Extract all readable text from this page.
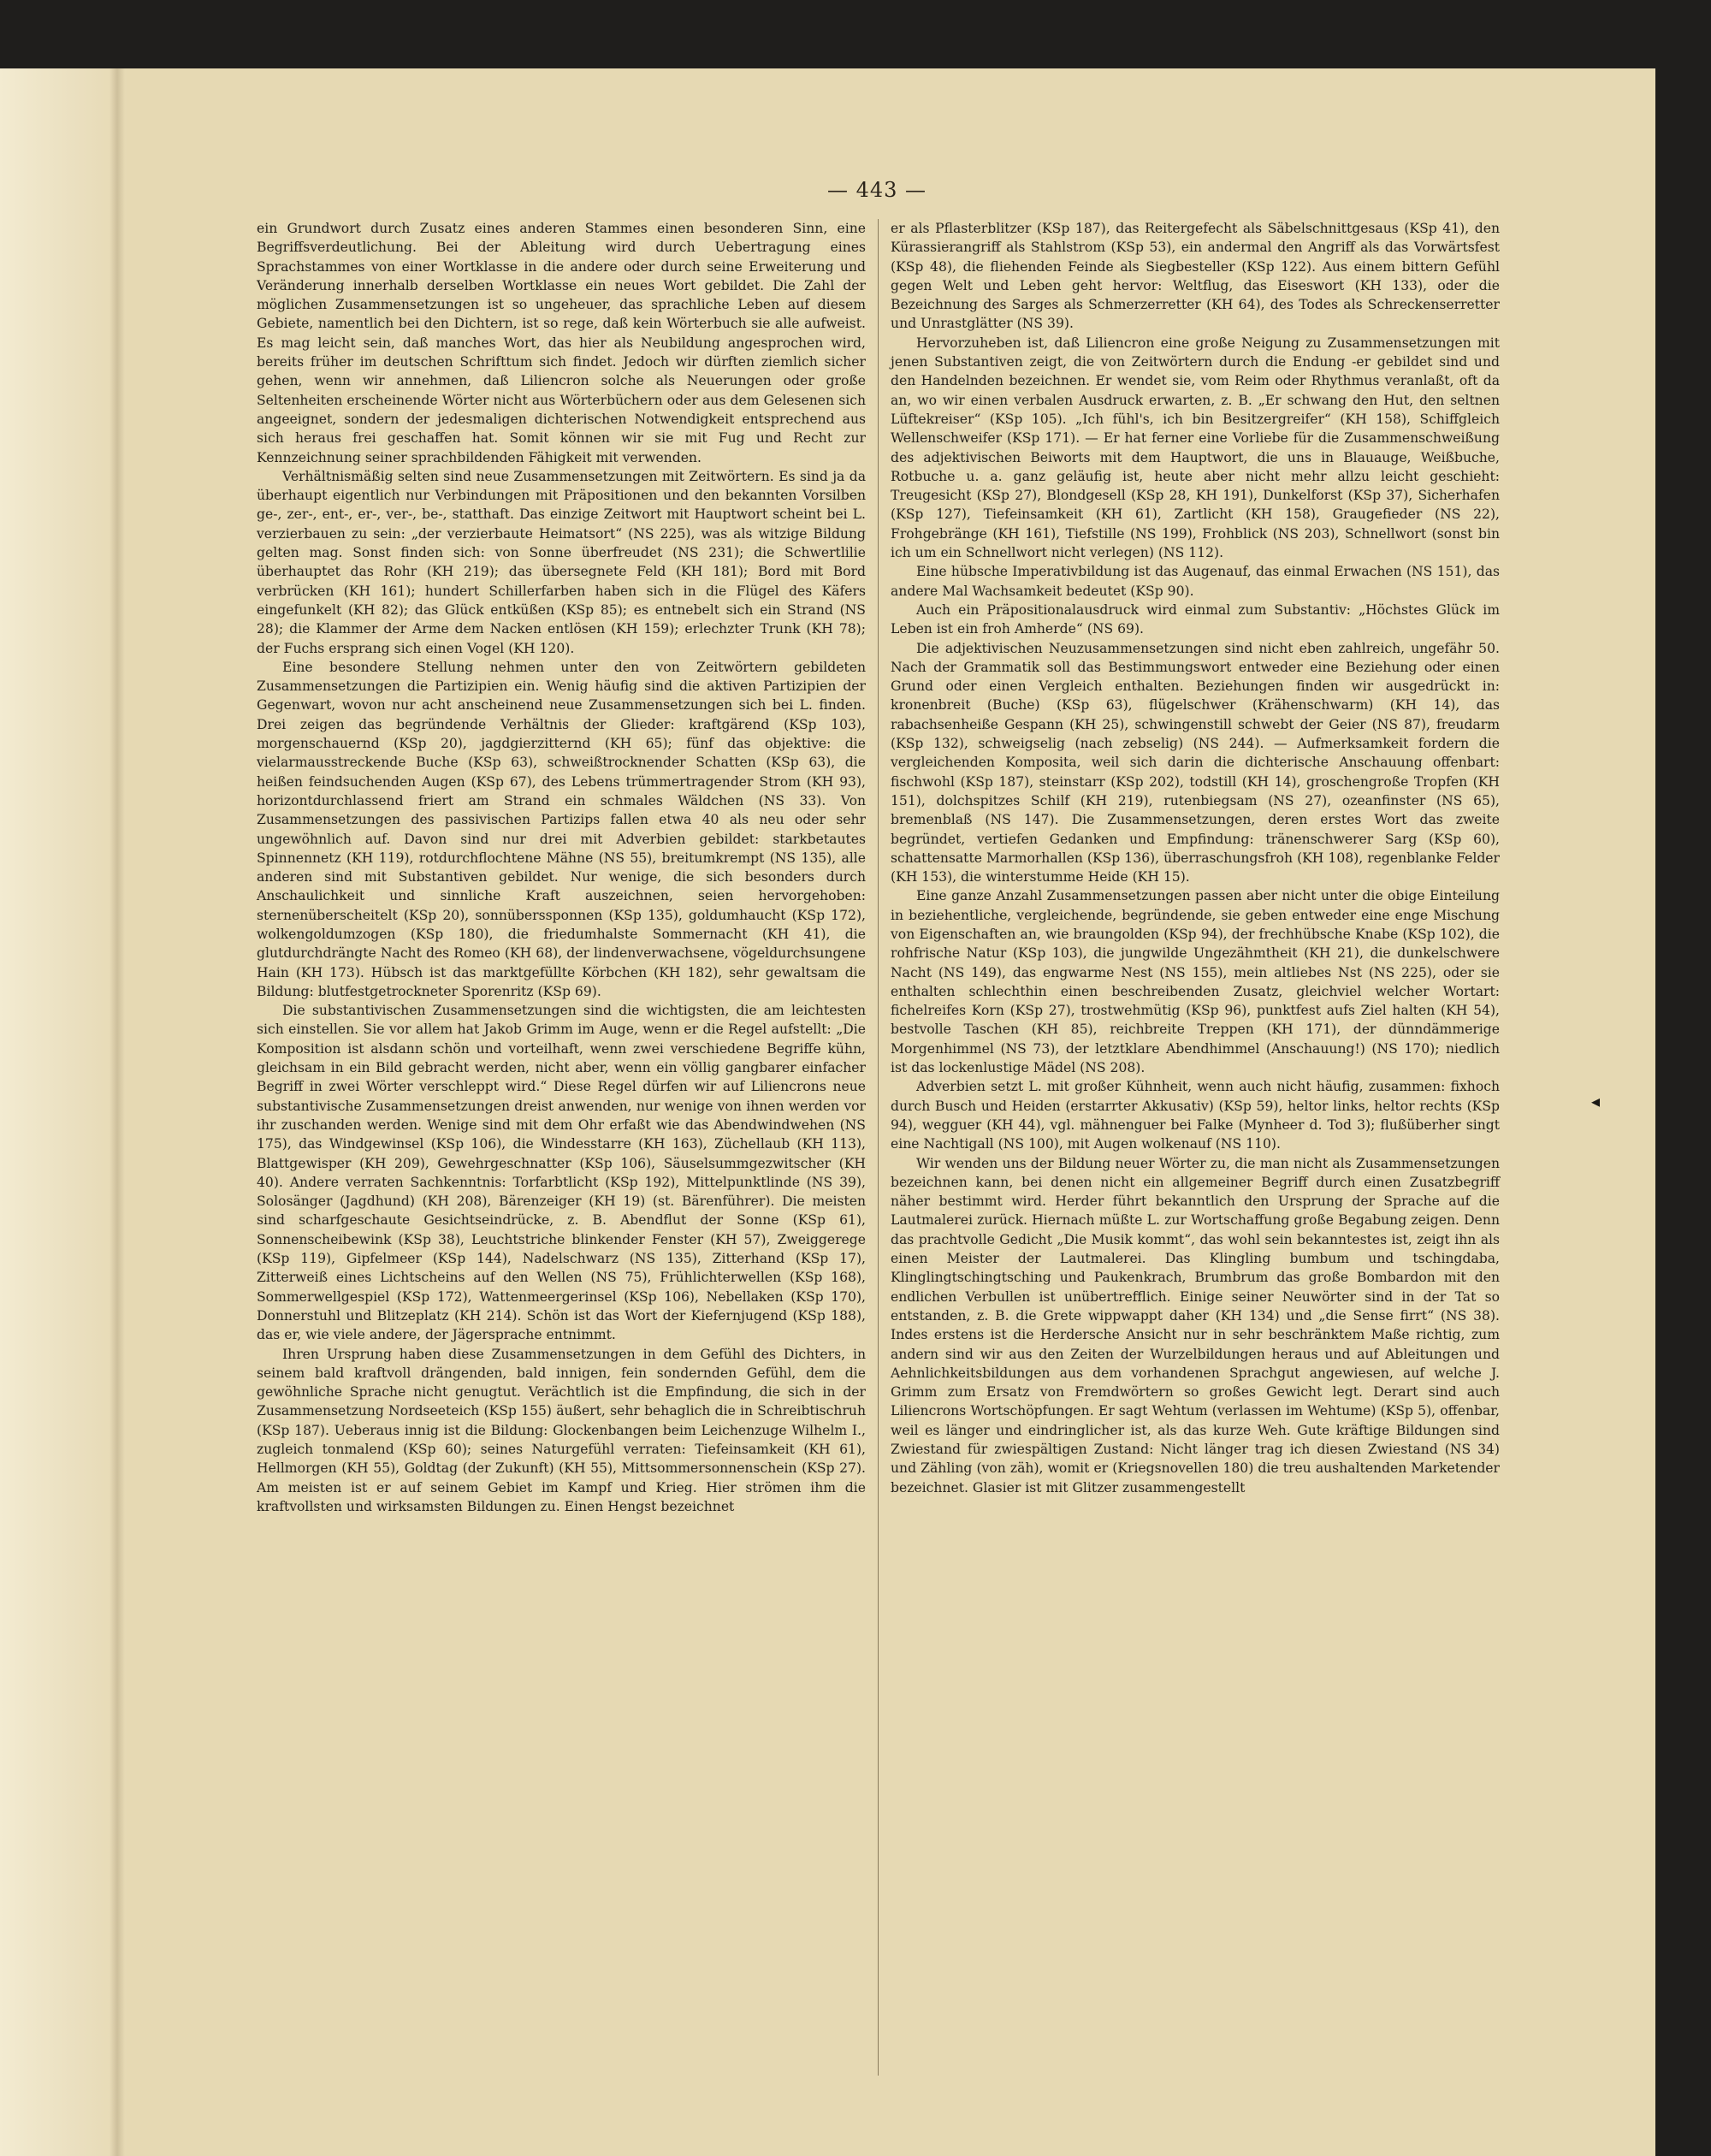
— 443 —

ein Grundwort durch Zusatz eines anderen Stammes einen besonderen Sinn, eine Begriffsverdeutlichung. Bei der Ableitung wird durch Uebertragung eines Sprachstammes von einer Wortklasse in die andere oder durch seine Erweiterung und Veränderung innerhalb derselben Wortklasse ein neues Wort gebildet. Die Zahl der möglichen Zusammensetzungen ist so ungeheuer, das sprachliche Leben auf diesem Gebiete, namentlich bei den Dichtern, ist so rege, daß kein Wörterbuch sie alle aufweist. Es mag leicht sein, daß manches Wort, das hier als Neubildung angesprochen wird, bereits früher im deutschen Schrifttum sich findet. Jedoch wir dürften ziemlich sicher gehen, wenn wir annehmen, daß Liliencron solche als Neuerungen oder große Seltenheiten erscheinende Wörter nicht aus Wörterbüchern oder aus dem Gelesenen sich angeeignet, sondern der jedesmaligen dichterischen Notwendigkeit entsprechend aus sich heraus frei geschaffen hat. Somit können wir sie mit Fug und Recht zur Kennzeichnung seiner sprachbildenden Fähigkeit mit verwenden.

Verhältnismäßig selten sind neue Zusammensetzungen mit Zeitwörtern. Es sind ja da überhaupt eigentlich nur Verbindungen mit Präpositionen und den bekannten Vorsilben ge-, zer-, ent-, er-, ver-, be-, statthaft. Das einzige Zeitwort mit Hauptwort scheint bei L. verzierbauen zu sein: „der verzierbaute Heimatsort“ (NS 225), was als witzige Bildung gelten mag. Sonst finden sich: von Sonne überfreudet (NS 231); die Schwertlilie überhauptet das Rohr (KH 219); das übersegnete Feld (KH 181); Bord mit Bord verbrücken (KH 161); hundert Schillerfarben haben sich in die Flügel des Käfers eingefunkelt (KH 82); das Glück entküßen (KSp 85); es entnebelt sich ein Strand (NS 28); die Klammer der Arme dem Nacken entlösen (KH 159); erlechzter Trunk (KH 78); der Fuchs ersprang sich einen Vogel (KH 120).

Eine besondere Stellung nehmen unter den von Zeitwörtern gebildeten Zusammensetzungen die Partizipien ein. Wenig häufig sind die aktiven Partizipien der Gegenwart, wovon nur acht anscheinend neue Zusammensetzungen sich bei L. finden. Drei zeigen das begründende Verhältnis der Glieder: kraftgärend (KSp 103), morgenschauernd (KSp 20), jagdgierzitternd (KH 65); fünf das objektive: die vielarmausstreckende Buche (KSp 63), schweißtrocknender Schatten (KSp 63), die heißen feindsuchenden Augen (KSp 67), des Lebens trümmertragender Strom (KH 93), horizontdurchlassend friert am Strand ein schmales Wäldchen (NS 33). Von Zusammensetzungen des passivischen Partizips fallen etwa 40 als neu oder sehr ungewöhnlich auf. Davon sind nur drei mit Adverbien gebildet: starkbetautes Spinnennetz (KH 119), rotdurchflochtene Mähne (NS 55), breitumkrempt (NS 135), alle anderen sind mit Substantiven gebildet. Nur wenige, die sich besonders durch Anschaulichkeit und sinnliche Kraft auszeichnen, seien hervorgehoben: sternenüberscheitelt (KSp 20), sonnüberssponnen (KSp 135), goldumhaucht (KSp 172), wolkengoldumzogen (KSp 180), die friedumhalste Sommernacht (KH 41), die glutdurchdrängte Nacht des Romeo (KH 68), der lindenverwachsene, vögeldurchsungene Hain (KH 173). Hübsch ist das marktgefüllte Körbchen (KH 182), sehr gewaltsam die Bildung: blutfestgetrockneter Sporenritz (KSp 69).

Die substantivischen Zusammensetzungen sind die wichtigsten, die am leichtesten sich einstellen. Sie vor allem hat Jakob Grimm im Auge, wenn er die Regel aufstellt: „Die Komposition ist alsdann schön und vorteilhaft, wenn zwei verschiedene Begriffe kühn, gleichsam in ein Bild gebracht werden, nicht aber, wenn ein völlig gangbarer einfacher Begriff in zwei Wörter verschleppt wird.“ Diese Regel dürfen wir auf Liliencrons neue substantivische Zusammensetzungen dreist anwenden, nur wenige von ihnen werden vor ihr zuschanden werden. Wenige sind mit dem Ohr erfaßt wie das Abendwindwehen (NS 175), das Windgewinsel (KSp 106), die Windesstarre (KH 163), Züchellaub (KH 113), Blattgewisper (KH 209), Gewehrgeschnatter (KSp 106), Säuselsummgezwitscher (KH 40). Andere verraten Sachkenntnis: Torfarbtlicht (KSp 192), Mittelpunktlinde (NS 39), Solosänger (Jagdhund) (KH 208), Bärenzeiger (KH 19) (st. Bärenführer). Die meisten sind scharfgeschaute Gesichtseindrücke, z. B. Abendflut der Sonne (KSp 61), Sonnenscheibewink (KSp 38), Leuchtstriche blinkender Fenster (KH 57), Zweiggerege (KSp 119), Gipfelmeer (KSp 144), Nadelschwarz (NS 135), Zitterhand (KSp 17), Zitterweiß eines Lichtscheins auf den Wellen (NS 75), Frühlichterwellen (KSp 168), Sommerwellgespiel (KSp 172), Wattenmeergerinsel (KSp 106), Nebellaken (KSp 170), Donnerstuhl und Blitzeplatz (KH 214). Schön ist das Wort der Kiefernjugend (KSp 188), das er, wie viele andere, der Jägersprache entnimmt.

Ihren Ursprung haben diese Zusammensetzungen in dem Gefühl des Dichters, in seinem bald kraftvoll drängenden, bald innigen, fein sondernden Gefühl, dem die gewöhnliche Sprache nicht genugtut. Verächtlich ist die Empfindung, die sich in der Zusammensetzung Nordseeteich (KSp 155) äußert, sehr behaglich die in Schreibtischruh (KSp 187). Ueberaus innig ist die Bildung: Glockenbangen beim Leichenzuge Wilhelm I., zugleich tonmalend (KSp 60); seines Naturgefühl verraten: Tiefeinsamkeit (KH 61), Hellmorgen (KH 55), Goldtag (der Zukunft) (KH 55), Mittsommersonnenschein (KSp 27). Am meisten ist er auf seinem Gebiet im Kampf und Krieg. Hier strömen ihm die kraftvollsten und wirksamsten Bildungen zu. Einen Hengst bezeichnet

er als Pflasterblitzer (KSp 187), das Reitergefecht als Säbelschnittgesaus (KSp 41), den Kürassierangriff als Stahlstrom (KSp 53), ein andermal den Angriff als das Vorwärtsfest (KSp 48), die fliehenden Feinde als Siegbesteller (KSp 122). Aus einem bittern Gefühl gegen Welt und Leben geht hervor: Weltflug, das Eiseswort (KH 133), oder die Bezeichnung des Sarges als Schmerzerretter (KH 64), des Todes als Schreckenserretter und Unrastglätter (NS 39).

Hervorzuheben ist, daß Liliencron eine große Neigung zu Zusammensetzungen mit jenen Substantiven zeigt, die von Zeitwörtern durch die Endung -er gebildet sind und den Handelnden bezeichnen. Er wendet sie, vom Reim oder Rhythmus veranlaßt, oft da an, wo wir einen verbalen Ausdruck erwarten, z. B. „Er schwang den Hut, den seltnen Lüftekreiser“ (KSp 105). „Ich fühl's, ich bin Besitzergreifer“ (KH 158), Schiffgleich Wellenschweifer (KSp 171). — Er hat ferner eine Vorliebe für die Zusammenschweißung des adjektivischen Beiworts mit dem Hauptwort, die uns in Blauauge, Weißbuche, Rotbuche u. a. ganz geläufig ist, heute aber nicht mehr allzu leicht geschieht: Treugesicht (KSp 27), Blondgesell (KSp 28, KH 191), Dunkelforst (KSp 37), Sicherhafen (KSp 127), Tiefeinsamkeit (KH 61), Zartlicht (KH 158), Graugefieder (NS 22), Frohgebränge (KH 161), Tiefstille (NS 199), Frohblick (NS 203), Schnellwort (sonst bin ich um ein Schnellwort nicht verlegen) (NS 112).

Eine hübsche Imperativbildung ist das Augenauf, das einmal Erwachen (NS 151), das andere Mal Wachsamkeit bedeutet (KSp 90).

Auch ein Präpositionalausdruck wird einmal zum Substantiv: „Höchstes Glück im Leben ist ein froh Amherde“ (NS 69).

Die adjektivischen Neuzusammensetzungen sind nicht eben zahlreich, ungefähr 50. Nach der Grammatik soll das Bestimmungswort entweder eine Beziehung oder einen Grund oder einen Vergleich enthalten. Beziehungen finden wir ausgedrückt in: kronenbreit (Buche) (KSp 63), flügelschwer (Krähenschwarm) (KH 14), das rabachsenheiße Gespann (KH 25), schwingenstill schwebt der Geier (NS 87), freudarm (KSp 132), schweigselig (nach zebselig) (NS 244). — Aufmerksamkeit fordern die vergleichenden Komposita, weil sich darin die dichterische Anschauung offenbart: fischwohl (KSp 187), steinstarr (KSp 202), todstill (KH 14), groschengroße Tropfen (KH 151), dolchspitzes Schilf (KH 219), rutenbiegsam (NS 27), ozeanfinster (NS 65), bremenblaß (NS 147). Die Zusammensetzungen, deren erstes Wort das zweite begründet, vertiefen Gedanken und Empfindung: tränenschwerer Sarg (KSp 60), schattensatte Marmorhallen (KSp 136), überraschungsfroh (KH 108), regenblanke Felder (KH 153), die winterstumme Heide (KH 15).

Eine ganze Anzahl Zusammensetzungen passen aber nicht unter die obige Einteilung in beziehentliche, vergleichende, begründende, sie geben entweder eine enge Mischung von Eigenschaften an, wie braungolden (KSp 94), der frechhübsche Knabe (KSp 102), die rohfrische Natur (KSp 103), die jungwilde Ungezähmtheit (KH 21), die dunkelschwere Nacht (NS 149), das engwarme Nest (NS 155), mein altliebes Nst (NS 225), oder sie enthalten schlechthin einen beschreibenden Zusatz, gleichviel welcher Wortart: fichelreifes Korn (KSp 27), trostwehmütig (KSp 96), punktfest aufs Ziel halten (KH 54), bestvolle Taschen (KH 85), reichbreite Treppen (KH 171), der dünndämmerige Morgenhimmel (NS 73), der letztklare Abendhimmel (Anschauung!) (NS 170); niedlich ist das lockenlustige Mädel (NS 208).

Adverbien setzt L. mit großer Kühnheit, wenn auch nicht häufig, zusammen: fixhoch durch Busch und Heiden (erstarrter Akkusativ) (KSp 59), heltor links, heltor rechts (KSp 94), wegguer (KH 44), vgl. mähnenguer bei Falke (Mynheer d. Tod 3); flußüberher singt eine Nachtigall (NS 100), mit Augen wolkenauf (NS 110).

Wir wenden uns der Bildung neuer Wörter zu, die man nicht als Zusammensetzungen bezeichnen kann, bei denen nicht ein allgemeiner Begriff durch einen Zusatzbegriff näher bestimmt wird. Herder führt bekanntlich den Ursprung der Sprache auf die Lautmalerei zurück. Hiernach müßte L. zur Wortschaffung große Begabung zeigen. Denn das prachtvolle Gedicht „Die Musik kommt“, das wohl sein bekanntestes ist, zeigt ihn als einen Meister der Lautmalerei. Das Klingling bumbum und tschingdaba, Klinglingtschingtsching und Paukenkrach, Brumbrum das große Bombardon mit den endlichen Verbullen ist unübertrefflich. Einige seiner Neuwörter sind in der Tat so entstanden, z. B. die Grete wippwappt daher (KH 134) und „die Sense firrt“ (NS 38). Indes erstens ist die Herdersche Ansicht nur in sehr beschränktem Maße richtig, zum andern sind wir aus den Zeiten der Wurzelbildungen heraus und auf Ableitungen und Aehnlichkeitsbildungen aus dem vorhandenen Sprachgut angewiesen, auf welche J. Grimm zum Ersatz von Fremdwörtern so großes Gewicht legt. Derart sind auch Liliencrons Wortschöpfungen. Er sagt Wehtum (verlassen im Wehtume) (KSp 5), offenbar, weil es länger und eindringlicher ist, als das kurze Weh. Gute kräftige Bildungen sind Zwiestand für zwiespältigen Zustand: Nicht länger trag ich diesen Zwiestand (NS 34) und Zähling (von zäh), womit er (Kriegsnovellen 180) die treu aushaltenden Marketender bezeichnet. Glasier ist mit Glitzer zusammengestellt

◂
